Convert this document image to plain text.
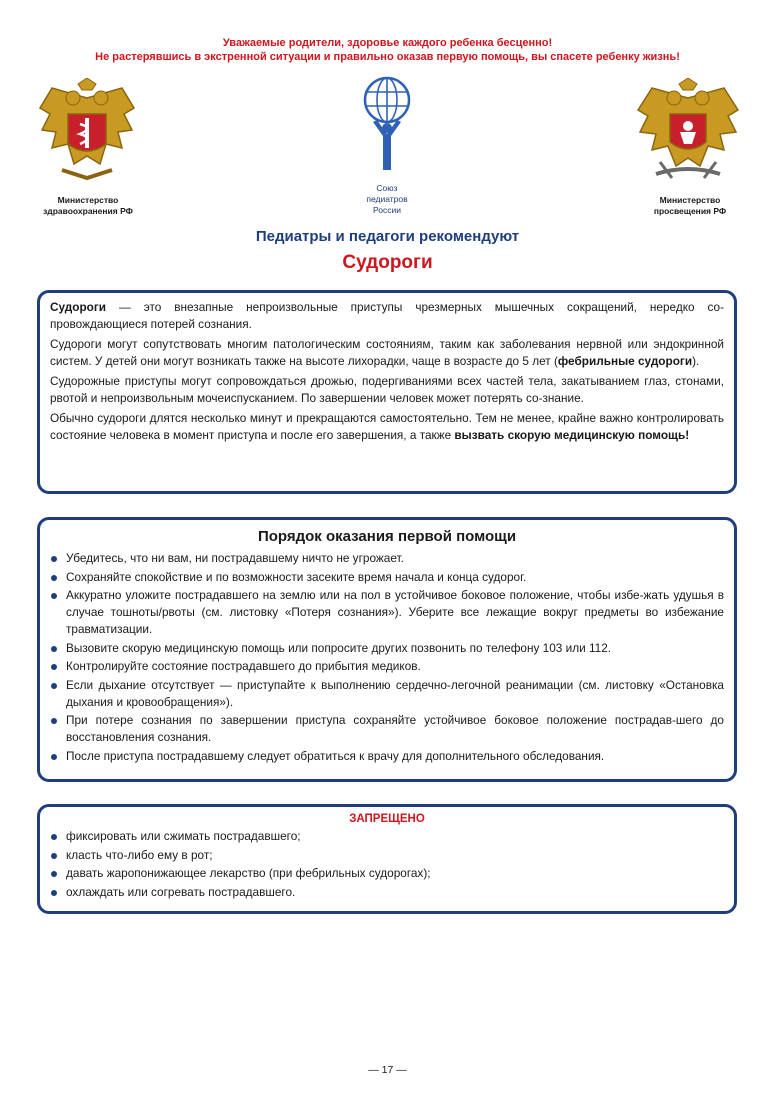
Уважаемые родители, здоровье каждого ребенка бесценно!
Не растерявшись в экстренной ситуации и правильно оказав первую помощь, вы спасете ребенку жизнь!
Министерство
здравоохранения РФ
Союз
педиатров
России
Министерство
просвещения РФ
Педиатры и педагоги рекомендуют
Судороги

Судороги — это внезапные непроизвольные приступы чрезмерных мышечных сокращений, нередко со-провождающиеся потерей сознания.

Судороги могут сопутствовать многим патологическим состояниям, таким как заболевания нервной или эндокринной систем. У детей они могут возникать также на высоте лихорадки, чаще в возрасте до 5 лет (фебрильные судороги).

Судорожные приступы могут сопровождаться дрожью, подергиваниями всех частей тела, закатыванием глаз, стонами, рвотой и непроизвольным мочеиспусканием. По завершении человек может потерять со-знание.

Обычно судороги длятся несколько минут и прекращаются самостоятельно. Тем не менее, крайне важно контролировать состояние человека в момент приступа и после его завершения, а также вызвать скорую медицинскую помощь!

Порядок оказания первой помощи
Убедитесь, что ни вам, ни пострадавшему ничто не угрожает.
Сохраняйте спокойствие и по возможности засеките время начала и конца судорог.
Аккуратно уложите пострадавшего на землю или на пол в устойчивое боковое положение, чтобы избе-жать удушья в случае тошноты/рвоты (см. листовку «Потеря сознания»). Уберите все лежащие вокруг предметы во избежание травматизации.
Вызовите скорую медицинскую помощь или попросите других позвонить по телефону 103 или 112.
Контролируйте состояние пострадавшего до прибытия медиков.
Если дыхание отсутствует — приступайте к выполнению сердечно-легочной реанимации (см. листовку «Остановка дыхания и кровообращения»).
При потере сознания по завершении приступа сохраняйте устойчивое боковое положение пострадав-шего до восстановления сознания.
После приступа пострадавшему следует обратиться к врачу для дополнительного обследования.
ЗАПРЕЩЕНО
фиксировать или сжимать пострадавшего;
класть что-либо ему в рот;
давать жаропонижающее лекарство (при фебрильных судорогах);
охлаждать или согревать пострадавшего.
— 17 —
